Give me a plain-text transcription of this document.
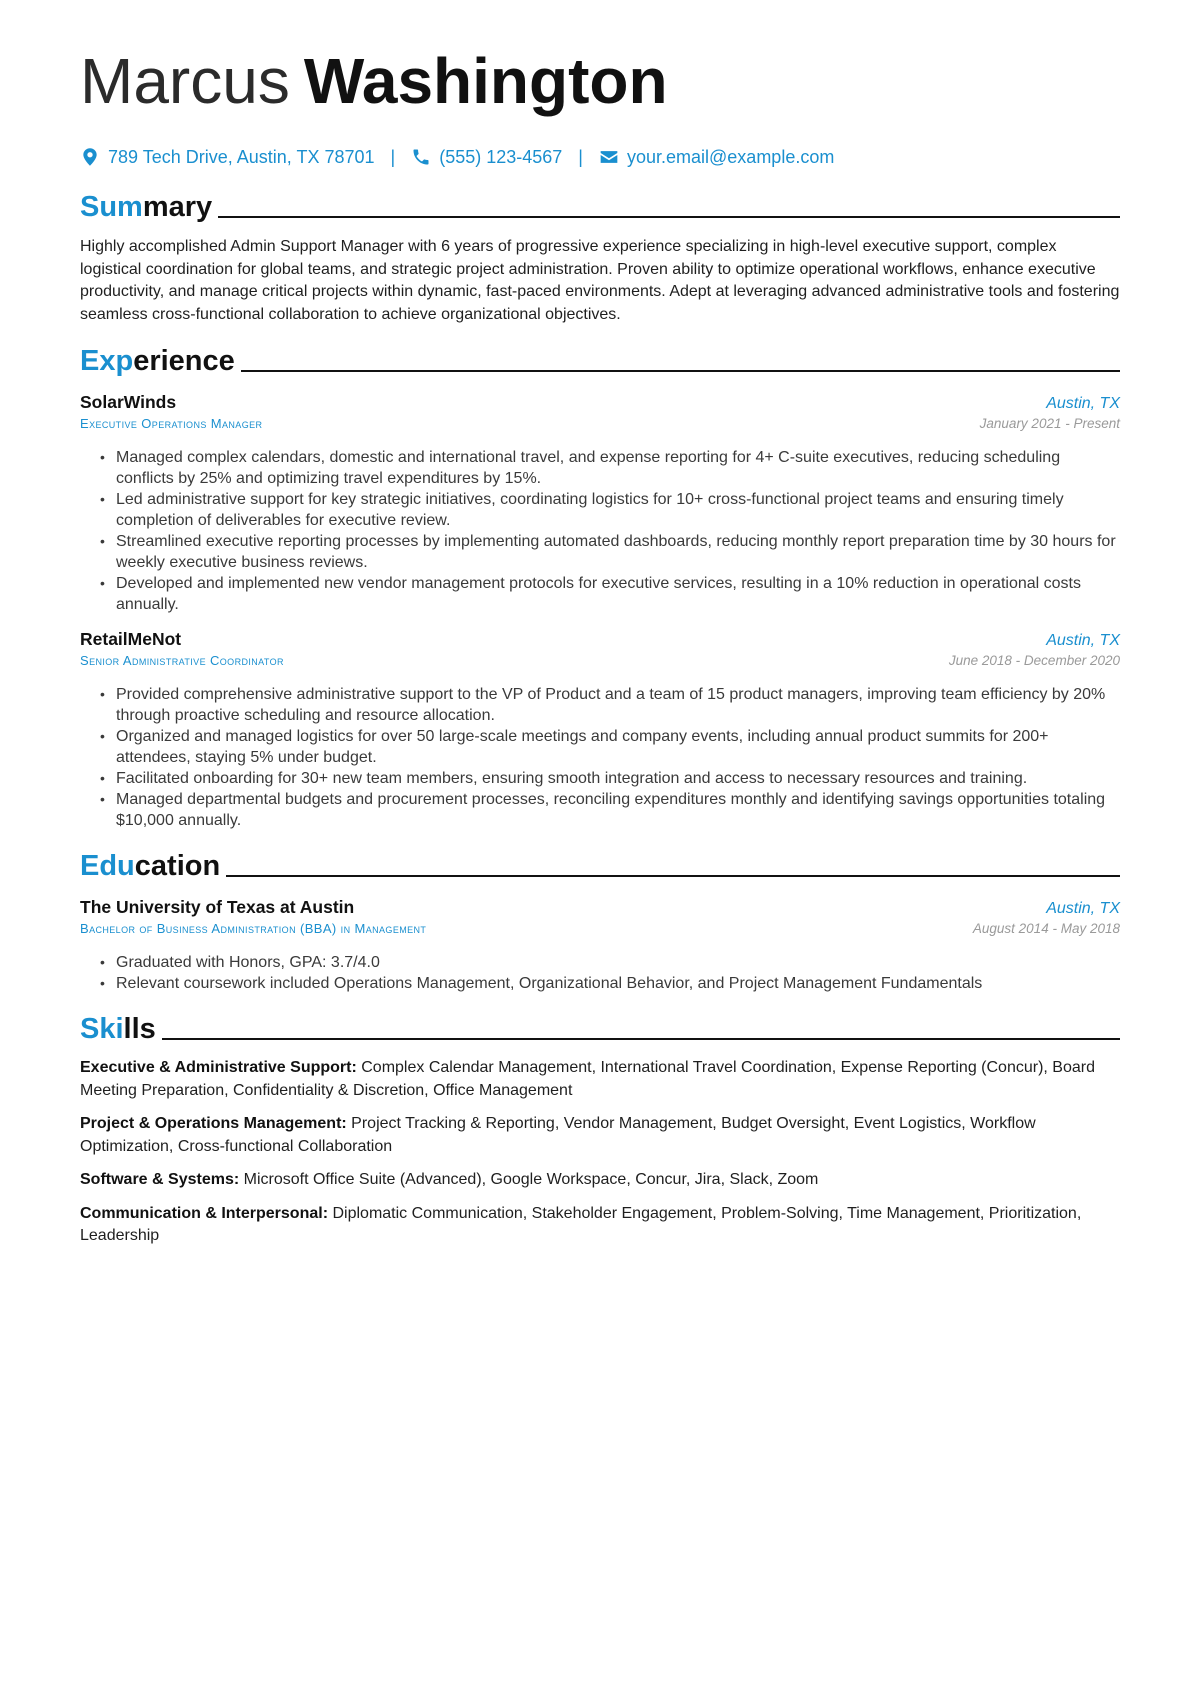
Marcus Washington
789 Tech Drive, Austin, TX 78701 | (555) 123-4567 | your.email@example.com
Summary
Highly accomplished Admin Support Manager with 6 years of progressive experience specializing in high-level executive support, complex logistical coordination for global teams, and strategic project administration. Proven ability to optimize operational workflows, enhance executive productivity, and manage critical projects within dynamic, fast-paced environments. Adept at leveraging advanced administrative tools and fostering seamless cross-functional collaboration to achieve organizational objectives.
Experience
SolarWinds	Austin, TX
Executive Operations Manager	January 2021 - Present
• Managed complex calendars, domestic and international travel, and expense reporting for 4+ C-suite executives, reducing scheduling conflicts by 25% and optimizing travel expenditures by 15%.
• Led administrative support for key strategic initiatives, coordinating logistics for 10+ cross-functional project teams and ensuring timely completion of deliverables for executive review.
• Streamlined executive reporting processes by implementing automated dashboards, reducing monthly report preparation time by 30 hours for weekly executive business reviews.
• Developed and implemented new vendor management protocols for executive services, resulting in a 10% reduction in operational costs annually.
RetailMeNot	Austin, TX
Senior Administrative Coordinator	June 2018 - December 2020
• Provided comprehensive administrative support to the VP of Product and a team of 15 product managers, improving team efficiency by 20% through proactive scheduling and resource allocation.
• Organized and managed logistics for over 50 large-scale meetings and company events, including annual product summits for 200+ attendees, staying 5% under budget.
• Facilitated onboarding for 30+ new team members, ensuring smooth integration and access to necessary resources and training.
• Managed departmental budgets and procurement processes, reconciling expenditures monthly and identifying savings opportunities totaling $10,000 annually.
Education
The University of Texas at Austin	Austin, TX
Bachelor of Business Administration (BBA) in Management	August 2014 - May 2018
• Graduated with Honors, GPA: 3.7/4.0
• Relevant coursework included Operations Management, Organizational Behavior, and Project Management Fundamentals
Skills
Executive & Administrative Support: Complex Calendar Management, International Travel Coordination, Expense Reporting (Concur), Board Meeting Preparation, Confidentiality & Discretion, Office Management
Project & Operations Management: Project Tracking & Reporting, Vendor Management, Budget Oversight, Event Logistics, Workflow Optimization, Cross-functional Collaboration
Software & Systems: Microsoft Office Suite (Advanced), Google Workspace, Concur, Jira, Slack, Zoom
Communication & Interpersonal: Diplomatic Communication, Stakeholder Engagement, Problem-Solving, Time Management, Prioritization, Leadership
